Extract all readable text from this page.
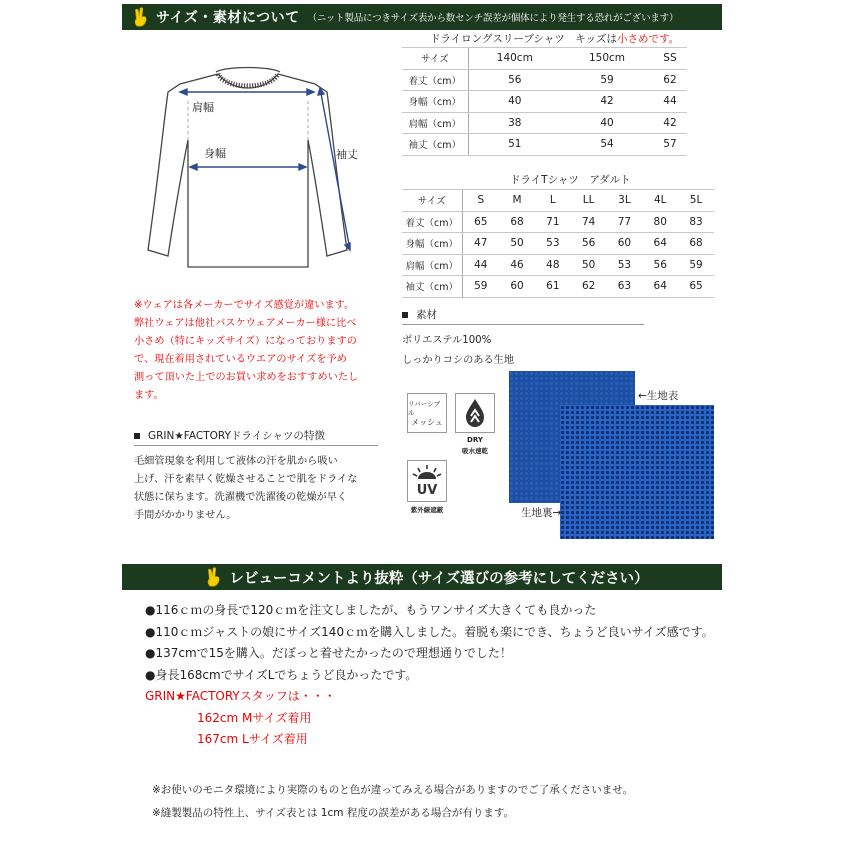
サイズ・素材について （ニット製品につきサイズ表から数センチ誤差が個体により発生する恐れがございます）
肩幅
身幅	袖丈
ドライロングスリーブシャツ　キッズは小さめです。
サイズ	140cm	150cm	SS
着丈（cm）	56	59	62
身幅（cm）	40	42	44
肩幅（cm）	38	40	42
袖丈（cm）	51	54	57
ドライTシャツ　アダルト
サイズ	S	M	L	LL	3L	4L	5L
着丈（cm）	65	68	71	74	77	80	83
身幅（cm）	47	50	53	56	60	64	68
肩幅（cm）	44	46	48	50	53	56	59
袖丈（cm）	59	60	61	62	63	64	65
※ウェアは各メーカーでサイズ感覚が違います。
弊社ウェアは他社バスケウェアメーカー様に比べ
小さめ（特にキッズサイズ）になっておりますの
で、現在着用されているウエアのサイズを予め
測って頂いた上でのお買い求めをおすすめいたし
ます。
GRIN★FACTORYドライシャツの特徴
毛細管現象を利用して液体の汗を肌から吸い
上げ、汗を素早く乾燥させることで肌をドライな
状態に保ちます。洗濯機で洗濯後の乾燥が早く
手間がかかりません。
素材
ポリエステル100%
しっかりコシのある生地
リバーシブル
メッシュ
DRY
吸水速乾
UV
紫外線遮蔽
←生地表
生地裏→
レビューコメントより抜粋（サイズ選びの参考にしてください）
●116ｃｍの身長で120ｃｍを注文しましたが、もうワンサイズ大きくても良かった
●110ｃｍジャストの娘にサイズ140ｃｍを購入しました。着脱も楽にでき、ちょうど良いサイズ感です。
●137cmで15を購入。だぼっと着せたかったので理想通りでした！
●身長168cmでサイズLでちょうど良かったです。
GRIN★FACTORYスタッフは・・・
162cm Mサイズ着用
167cm Lサイズ着用
※お使いのモニタ環境により実際のものと色が違ってみえる場合がありますのでご了承くださいませ。
※縫製製品の特性上、サイズ表とは 1cm 程度の誤差がある場合が有ります。
